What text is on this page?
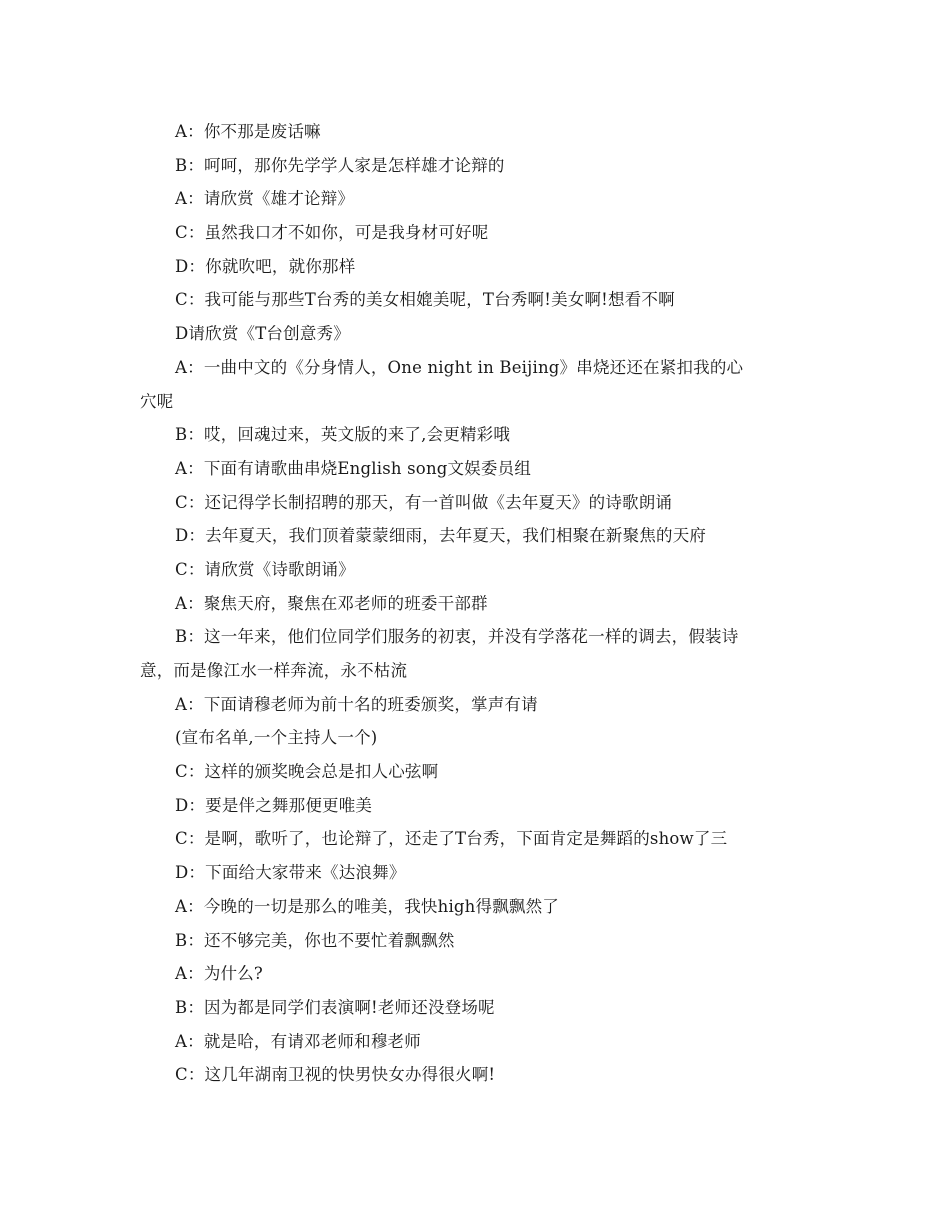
A：你不那是废话嘛
B：呵呵，那你先学学人家是怎样雄才论辩的
A：请欣赏《雄才论辩》
C：虽然我口才不如你，可是我身材可好呢
D：你就吹吧，就你那样
C：我可能与那些T台秀的美女相媲美呢，T台秀啊!美女啊!想看不啊
D请欣赏《T台创意秀》
A：一曲中文的《分身情人，One night in Beijing》串烧还还在紧扣我的心
穴呢
B：哎，回魂过来，英文版的来了,会更精彩哦
A：下面有请歌曲串烧English song文娱委员组
C：还记得学长制招聘的那天，有一首叫做《去年夏天》的诗歌朗诵
D：去年夏天，我们顶着蒙蒙细雨，去年夏天，我们相聚在新聚焦的天府
C：请欣赏《诗歌朗诵》
A：聚焦天府，聚焦在邓老师的班委干部群
B：这一年来，他们位同学们服务的初衷，并没有学落花一样的调去，假装诗
意，而是像江水一样奔流，永不枯流
A：下面请穆老师为前十名的班委颁奖，掌声有请
(宣布名单,一个主持人一个)
C：这样的颁奖晚会总是扣人心弦啊
D：要是伴之舞那便更唯美
C：是啊，歌听了，也论辩了，还走了T台秀，下面肯定是舞蹈的show了三
D：下面给大家带来《达浪舞》
A：今晚的一切是那么的唯美，我快high得飘飘然了
B：还不够完美，你也不要忙着飘飘然
A：为什么?
B：因为都是同学们表演啊!老师还没登场呢
A：就是哈，有请邓老师和穆老师
C：这几年湖南卫视的快男快女办得很火啊!
